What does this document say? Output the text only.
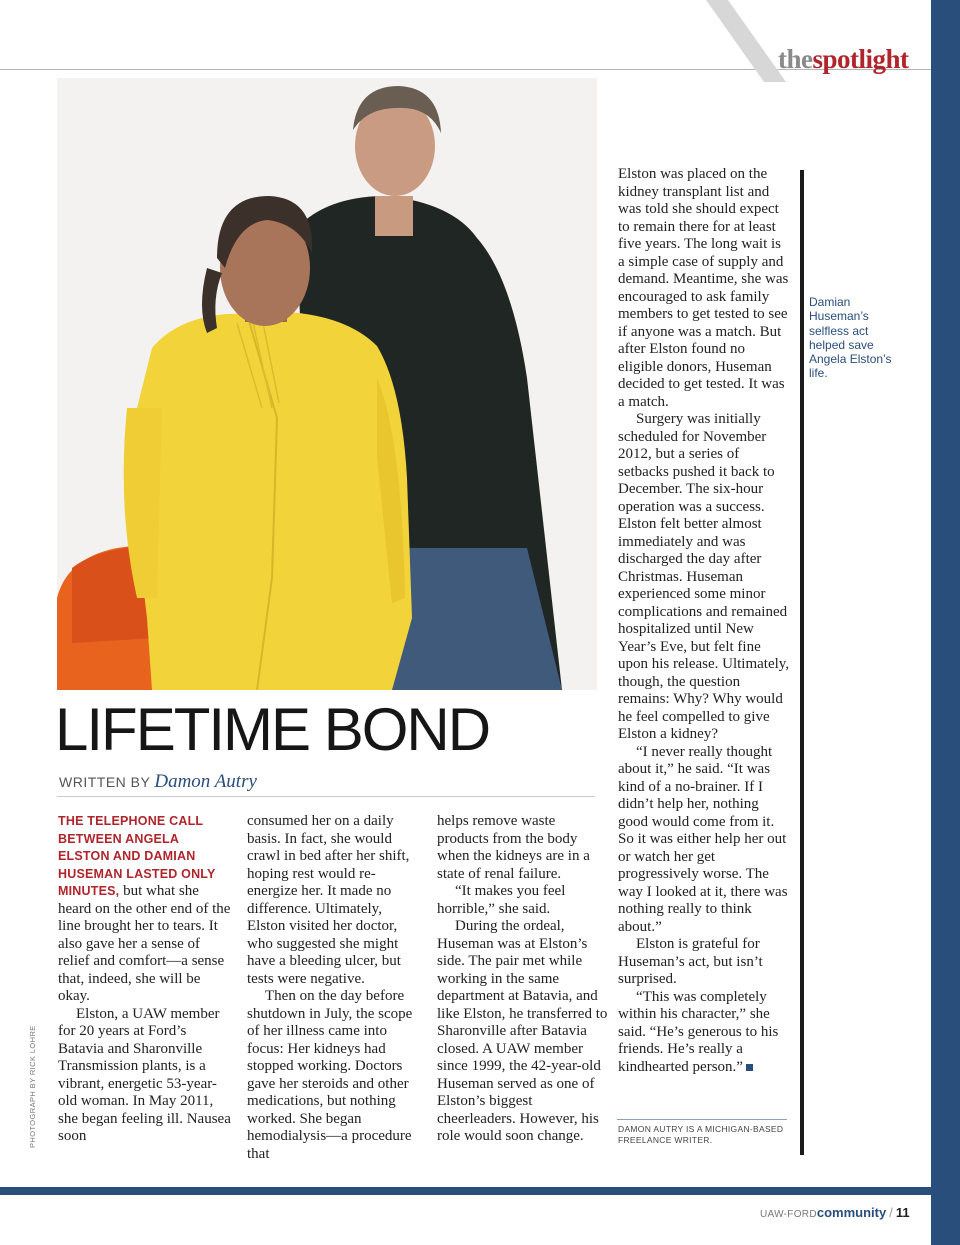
thespotlight
PHOTOGRAPH BY RICK LOHRE
LIFETIME BOND
WRITTEN BY Damon Autry

THE TELEPHONE CALL BETWEEN ANGELA ELSTON AND DAMIAN HUSEMAN LASTED ONLY MINUTES, but what she heard on the other end of the line brought her to tears. It also gave her a sense of relief and comfort—a sense that, indeed, she will be okay.

Elston, a UAW member for 20 years at Ford’s Batavia and Sharonville Transmission plants, is a vibrant, energetic 53-year-old woman. In May 2011, she began feeling ill. Nausea soon

consumed her on a daily basis. In fact, she would crawl in bed after her shift, hoping rest would re-energize her. It made no difference. Ultimately, Elston visited her doctor, who suggested she might have a bleeding ulcer, but tests were negative.

Then on the day before shutdown in July, the scope of her illness came into focus: Her kidneys had stopped working. Doctors gave her steroids and other medications, but nothing worked. She began hemodialysis—a procedure that

helps remove waste products from the body when the kidneys are in a state of renal failure.

“It makes you feel horrible,” she said.

During the ordeal, Huseman was at Elston’s side. The pair met while working in the same department at Batavia, and like Elston, he transferred to Sharonville after Batavia closed. A UAW member since 1999, the 42-year-old Huseman served as one of Elston’s biggest cheerleaders. However, his role would soon change.

Elston was placed on the kidney transplant list and was told she should expect to remain there for at least five years. The long wait is a simple case of supply and demand. Meantime, she was encouraged to ask family members to get tested to see if anyone was a match. But after Elston found no eligible donors, Huseman decided to get tested. It was a match.

Surgery was initially scheduled for November 2012, but a series of setbacks pushed it back to December. The six-hour operation was a success. Elston felt better almost immediately and was discharged the day after Christmas. Huseman experienced some minor complications and remained hospitalized until New Year’s Eve, but felt fine upon his release. Ultimately, though, the question remains: Why? Why would he feel compelled to give Elston a kidney?

“I never really thought about it,” he said. “It was kind of a no-brainer. If I didn’t help her, nothing good would come from it. So it was either help her out or watch her get progressively worse. The way I looked at it, there was nothing really to think about.”

Elston is grateful for Huseman’s act, but isn’t surprised.

“This was completely within his character,” she said. “He’s generous to his friends. He’s really a kindhearted person.”

DAMON AUTRY IS A MICHIGAN-BASED FREELANCE WRITER.
Damian Huseman’s selfless act helped save Angela Elston’s life.
UAW-FORDcommunity / 11
